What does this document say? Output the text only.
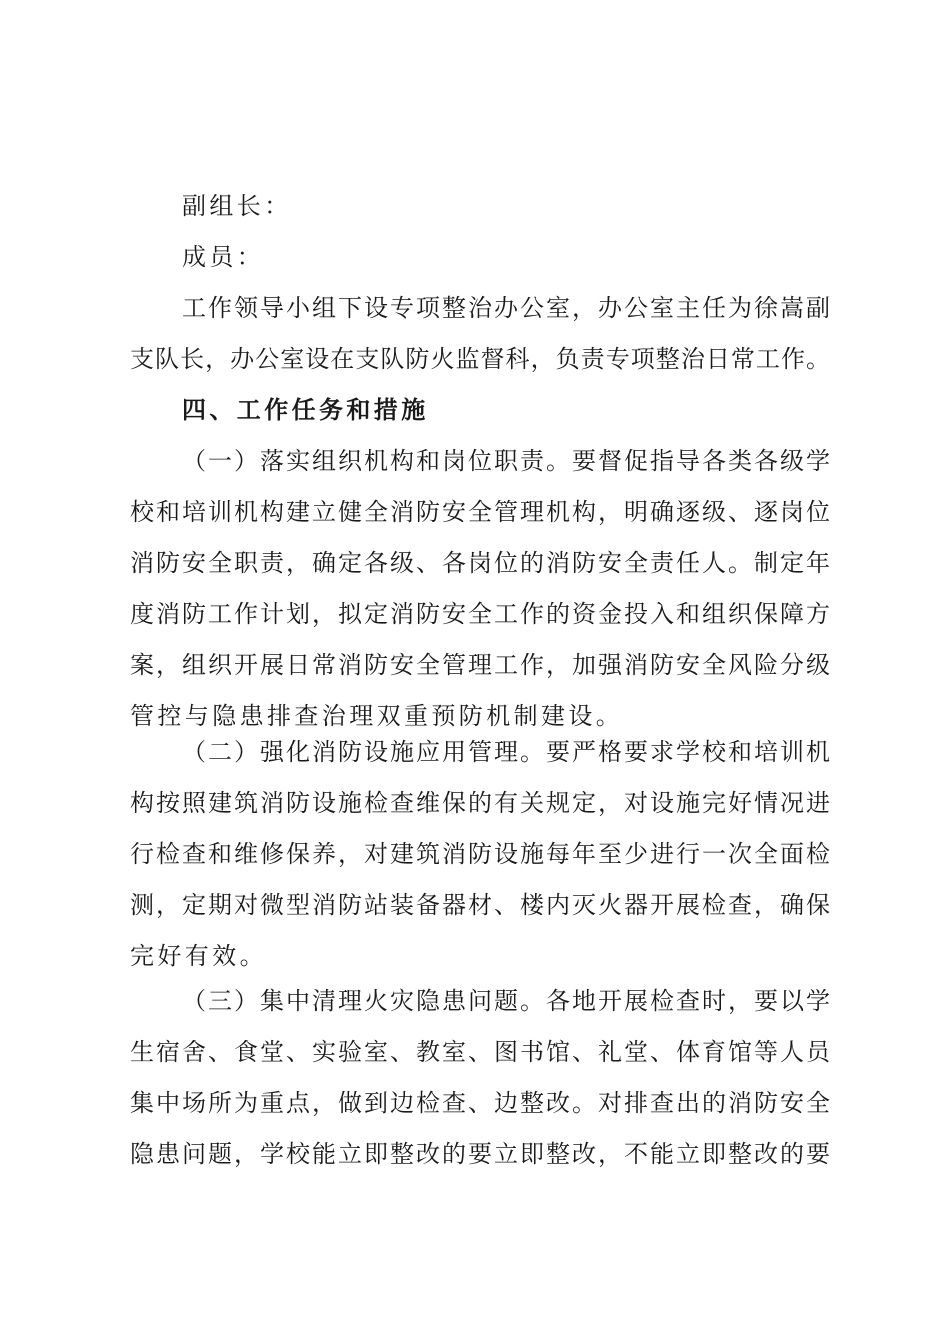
副组长：

成员：

工作领导小组下设专项整治办公室，办公室主任为徐嵩副

支队长，办公室设在支队防火监督科，负责专项整治日常工作。

四、工作任务和措施

（一）落实组织机构和岗位职责。要督促指导各类各级学

校和培训机构建立健全消防安全管理机构，明确逐级、逐岗位

消防安全职责，确定各级、各岗位的消防安全责任人。制定年

度消防工作计划，拟定消防安全工作的资金投入和组织保障方

案，组织开展日常消防安全管理工作，加强消防安全风险分级

管控与隐患排查治理双重预防机制建设。

（二）强化消防设施应用管理。要严格要求学校和培训机

构按照建筑消防设施检查维保的有关规定，对设施完好情况进

行检查和维修保养，对建筑消防设施每年至少进行一次全面检

测，定期对微型消防站装备器材、楼内灭火器开展检查，确保

完好有效。

（三）集中清理火灾隐患问题。各地开展检查时，要以学

生宿舍、食堂、实验室、教室、图书馆、礼堂、体育馆等人员

集中场所为重点，做到边检查、边整改。对排查出的消防安全

隐患问题，学校能立即整改的要立即整改，不能立即整改的要
